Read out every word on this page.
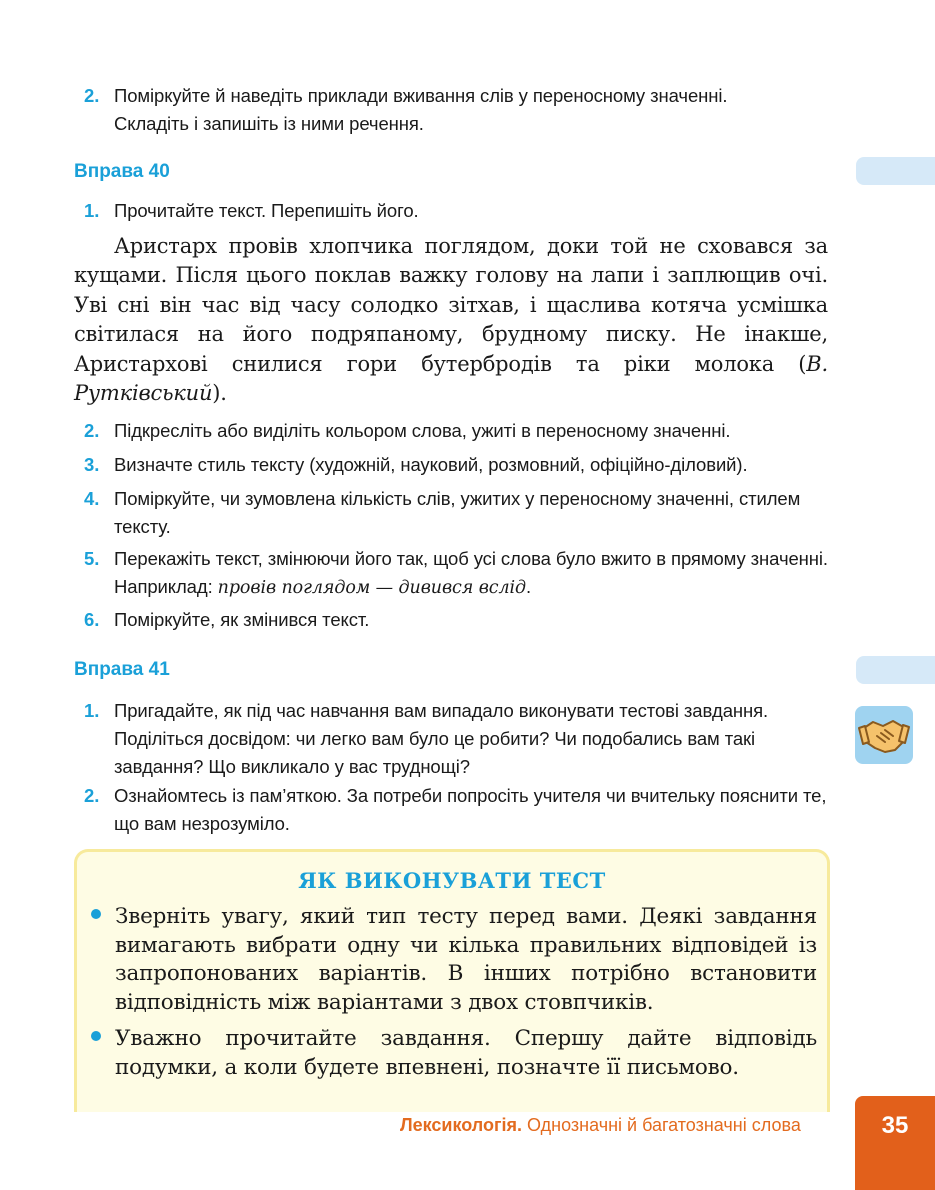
2. Поміркуйте й наведіть приклади вживання слів у переносному значенні.
Складіть і запишіть із ними речення.
Вправа 40
1. Прочитайте текст. Перепишіть його.
Аристарх провів хлопчика поглядом, доки той не сховався за кущами. Після цього поклав важку голову на лапи і заплющив очі. Уві сні він час від часу солодко зітхав, і щаслива котяча усмішка світилася на його подряпаному, брудному писку. Не інакше, Аристархові снилися гори бутербродів та ріки молока (В. Рутківський).
2. Підкресліть або виділіть кольором слова, ужиті в переносному значенні.
3. Визначте стиль тексту (художній, науковий, розмовний, офіційно-діловий).
4. Поміркуйте, чи зумовлена кількість слів, ужитих у переносному значенні, стилем тексту.
5. Перекажіть текст, змінюючи його так, щоб усі слова було вжито в прямому значенні. Наприклад: провів поглядом — дивився вслід.
6. Поміркуйте, як змінився текст.
Вправа 41
1. Пригадайте, як під час навчання вам випадало виконувати тестові завдання. Поділіться досвідом: чи легко вам було це робити? Чи подобались вам такі завдання? Що викликало у вас труднощі?
2. Ознайомтесь із пам’яткою. За потреби попросіть учителя чи вчительку пояснити те, що вам незрозуміло.
ЯК ВИКОНУВАТИ ТЕСТ
Зверніть увагу, який тип тесту перед вами. Деякі завдання вимагають вибрати одну чи кілька правильних відповідей із запропонованих варіантів. В інших потрібно встановити відповідність між варіантами з двох стовпчиків.
Уважно прочитайте завдання. Спершу дайте відповідь подумки, а коли будете впевнені, позначте її письмово.
Лексикологія. Однозначні й багатозначні слова	35
